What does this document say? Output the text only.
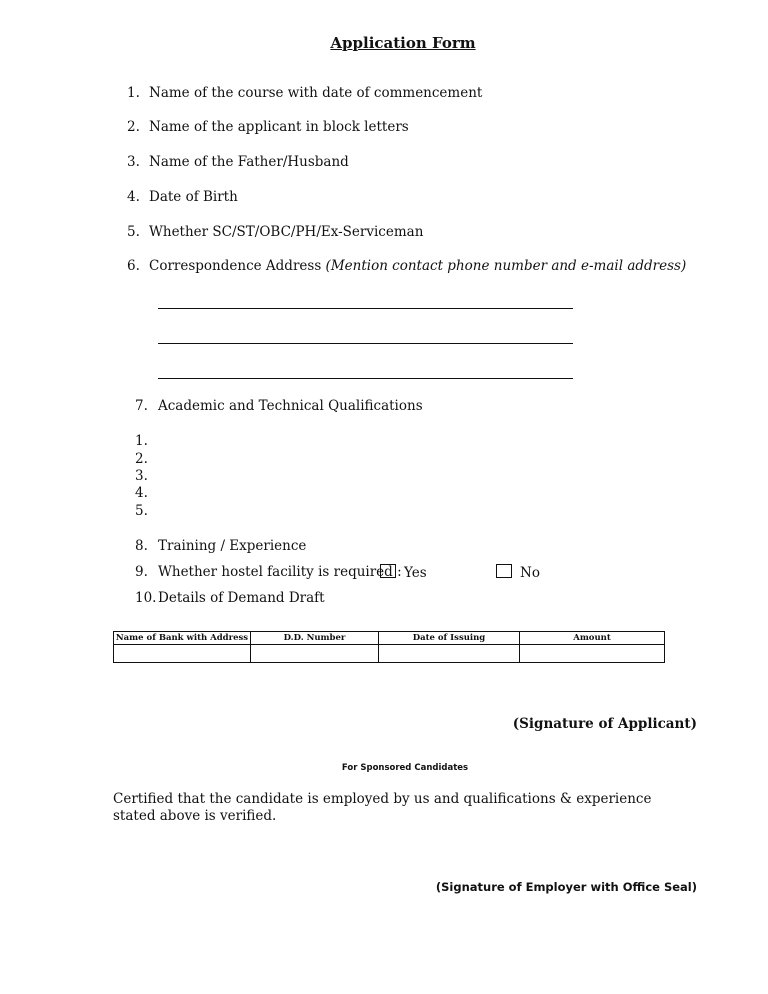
Application Form
1. Name of the course with date of commencement
2. Name of the applicant in block letters
3. Name of the Father/Husband
4. Date of Birth
5. Whether SC/ST/OBC/PH/Ex-Serviceman
6. Correspondence Address (Mention contact phone number and e-mail address)
7. Academic and Technical Qualifications
1.
2.
3.
4.
5.
8. Training / Experience
9. Whether hostel facility is required : Yes	No
10. Details of Demand Draft
Name of Bank with Address	D.D. Number	Date of Issuing	Amount

(Signature of Applicant)
For Sponsored Candidates
Certified that the candidate is employed by us and qualifications & experience stated above is verified.
(Signature of Employer with Office Seal)
